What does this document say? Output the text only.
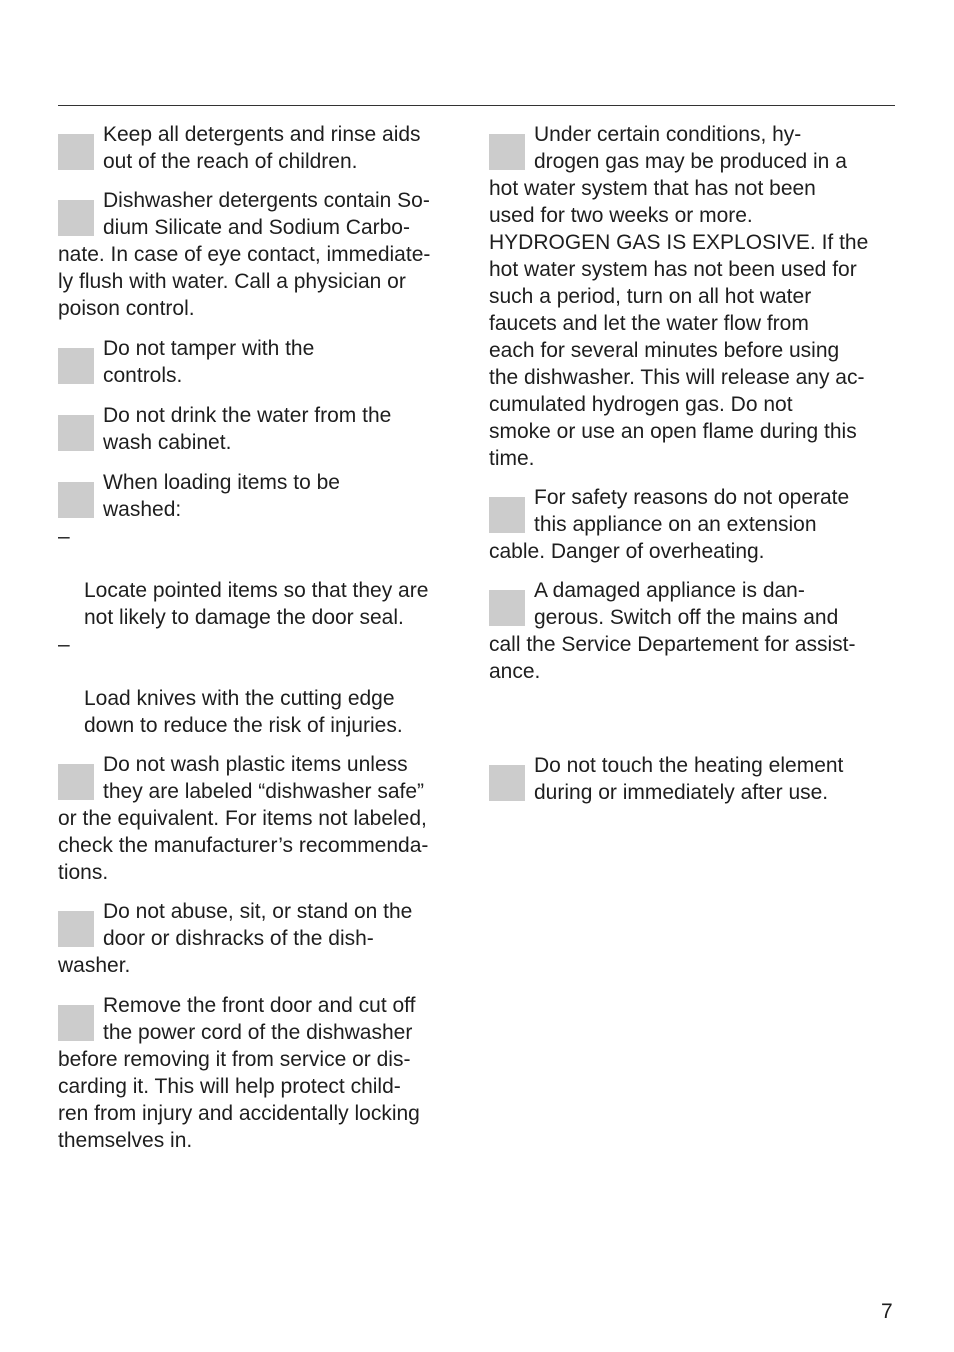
Keep all detergents and rinse aids
out of the reach of children.
Dishwasher detergents contain So-
dium Silicate and Sodium Carbo-
nate. In case of eye contact, immediate-
ly flush with water. Call a physician or
poison control.
Do not tamper with the
controls.
Do not drink the water from the
wash cabinet.
When loading items to be
washed:

–

Locate pointed items so that they are
not likely to damage the door seal.

–

Load knives with the cutting edge
down to reduce the risk of injuries.

Do not wash plastic items unless
they are labeled “dishwasher safe”
or the equivalent. For items not labeled,
check the manufacturer’s recommenda-
tions.
Do not abuse, sit, or stand on the
door or dishracks of the dish-
washer.
Remove the front door and cut off
the power cord of the dishwasher
before removing it from service or dis-
carding it. This will help protect child-
ren from injury and accidentally locking
themselves in.
Under certain conditions, hy-
drogen gas may be produced in a
hot water system that has not been
used for two weeks or more.
HYDROGEN GAS IS EXPLOSIVE. If the
hot water system has not been used for
such a period, turn on all hot water
faucets and let the water flow from
each for several minutes before using
the dishwasher. This will release any ac-
cumulated hydrogen gas. Do not
smoke or use an open flame during this
time.
For safety reasons do not operate
this appliance on an extension
cable. Danger of overheating.
A damaged appliance is dan-
gerous. Switch off the mains and
call the Service Departement for assist-
ance.
Do not touch the heating element
during or immediately after use.
7
